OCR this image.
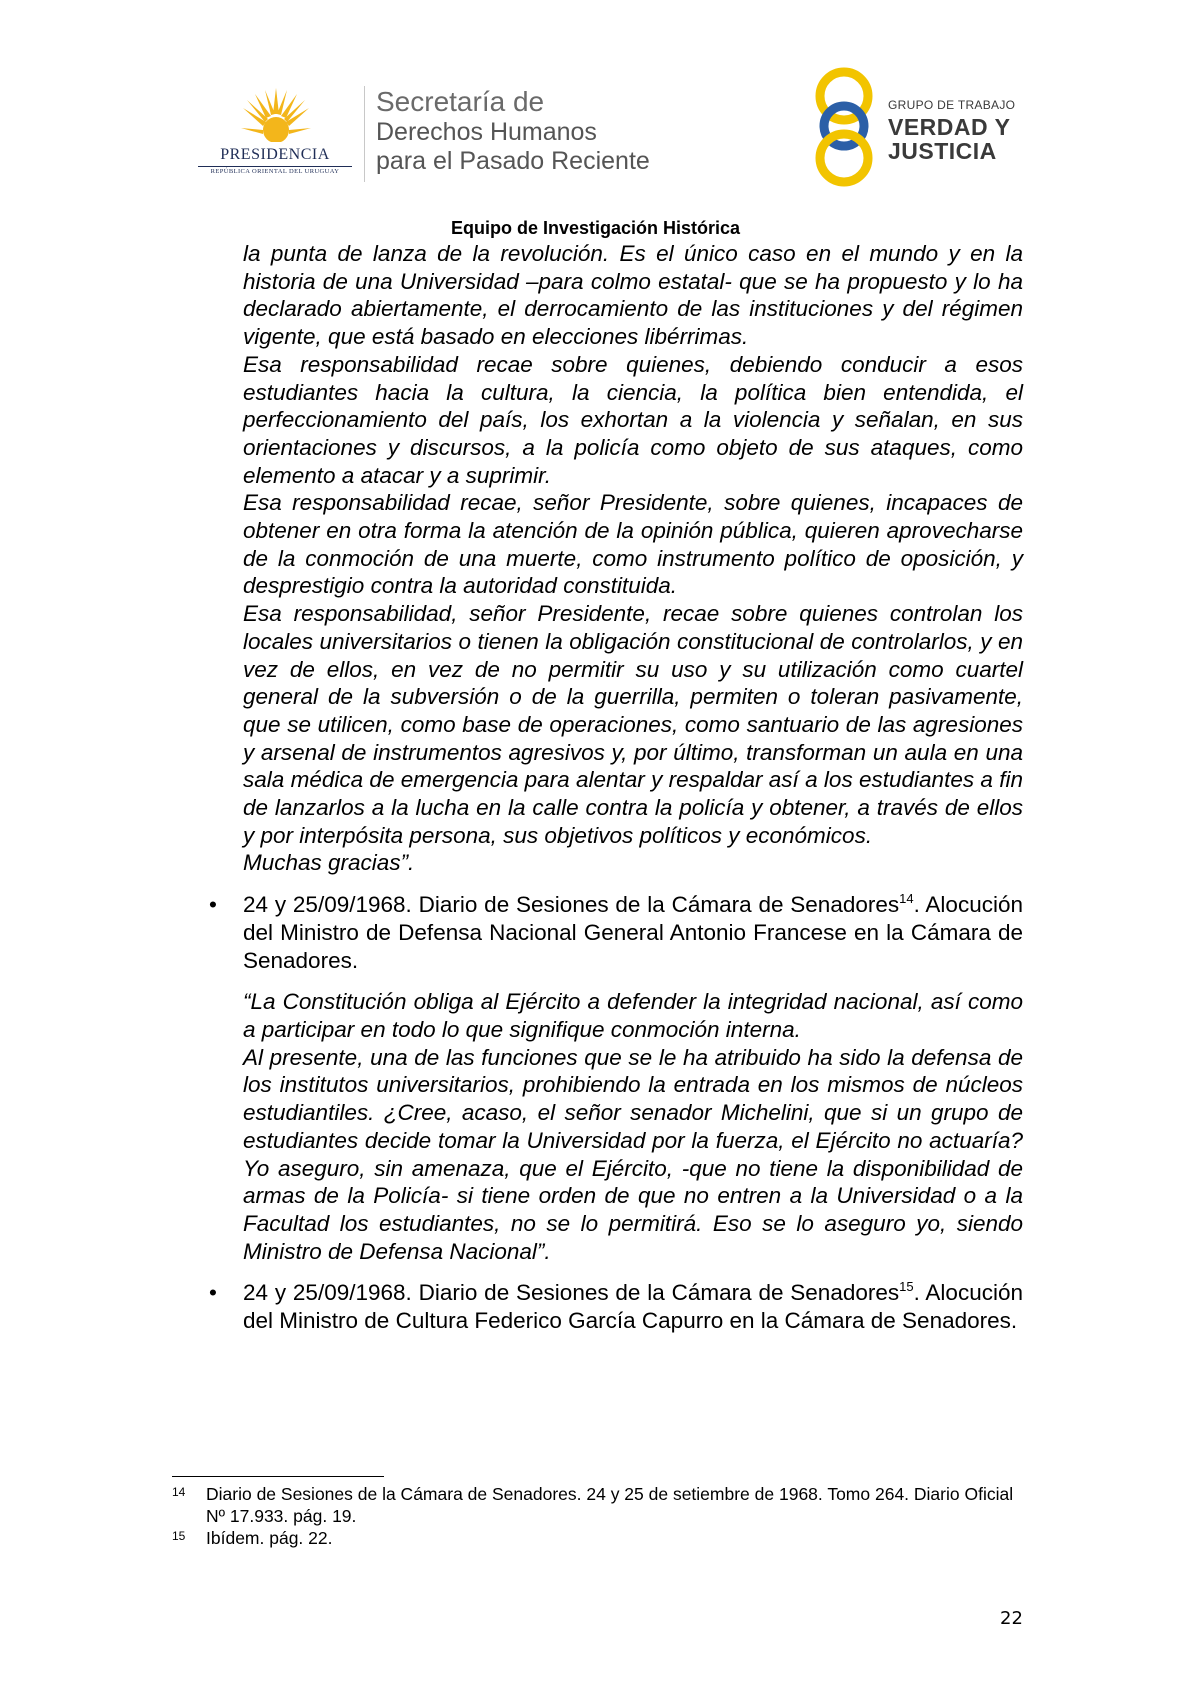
PRESIDENCIA
REPÚBLICA ORIENTAL DEL URUGUAY
Secretaría de
Derechos Humanos
para el Pasado Reciente
GRUPO DE TRABAJO
VERDAD Y
JUSTICIA
Equipo de Investigación Histórica

la punta de lanza de la revolución. Es el único caso en el mundo y en la historia de una Universidad –para colmo estatal- que se ha propuesto y lo ha declarado abiertamente, el derrocamiento de las instituciones y del régimen vigente, que está basado en elecciones libérrimas.

Esa responsabilidad recae sobre quienes, debiendo conducir a esos estudiantes hacia la cultura, la ciencia, la política bien entendida, el perfeccionamiento del país, los exhortan a la violencia y señalan, en sus orientaciones y discursos, a la policía como objeto de sus ataques, como elemento a atacar y a suprimir.

Esa responsabilidad recae, señor Presidente, sobre quienes, incapaces de obtener en otra forma la atención de la opinión pública, quieren aprovecharse de la conmoción de una muerte, como instrumento político de oposición, y desprestigio contra la autoridad constituida.

Esa responsabilidad, señor Presidente, recae sobre quienes controlan los locales universitarios o tienen la obligación constitucional de controlarlos, y en vez de ellos, en vez de no permitir su uso y su utilización como cuartel general de la subversión o de la guerrilla, permiten o toleran pasivamente, que se utilicen, como base de operaciones, como santuario de las agresiones y arsenal de instrumentos agresivos y, por último, transforman un aula en una sala médica de emergencia para alentar y respaldar así a los estudiantes a fin de lanzarlos a la lucha en la calle contra la policía y obtener, a través de ellos y por interpósita persona, sus objetivos políticos y económicos.

Muchas gracias”.

• 24 y 25/09/1968. Diario de Sesiones de la Cámara de Senadores$^{14}$. Alocución del Ministro de Defensa Nacional General Antonio Francese en la Cámara de Senadores.

“La Constitución obliga al Ejército a defender la integridad nacional, así como a participar en todo lo que signifique conmoción interna.

Al presente, una de las funciones que se le ha atribuido ha sido la defensa de los institutos universitarios, prohibiendo la entrada en los mismos de núcleos estudiantiles. ¿Cree, acaso, el señor senador Michelini, que si un grupo de estudiantes decide tomar la Universidad por la fuerza, el Ejército no actuaría? Yo aseguro, sin amenaza, que el Ejército, -que no tiene la disponibilidad de armas de la Policía- si tiene orden de que no entren a la Universidad o a la Facultad los estudiantes, no se lo permitirá. Eso se lo aseguro yo, siendo Ministro de Defensa Nacional”.

• 24 y 25/09/1968. Diario de Sesiones de la Cámara de Senadores$^{15}$. Alocución del Ministro de Cultura Federico García Capurro en la Cámara de Senadores.

14 Diario de Sesiones de la Cámara de Senadores. 24 y 25 de setiembre de 1968. Tomo 264. Diario Oficial Nº 17.933. pág. 19.
15 Ibídem. pág. 22.
22
